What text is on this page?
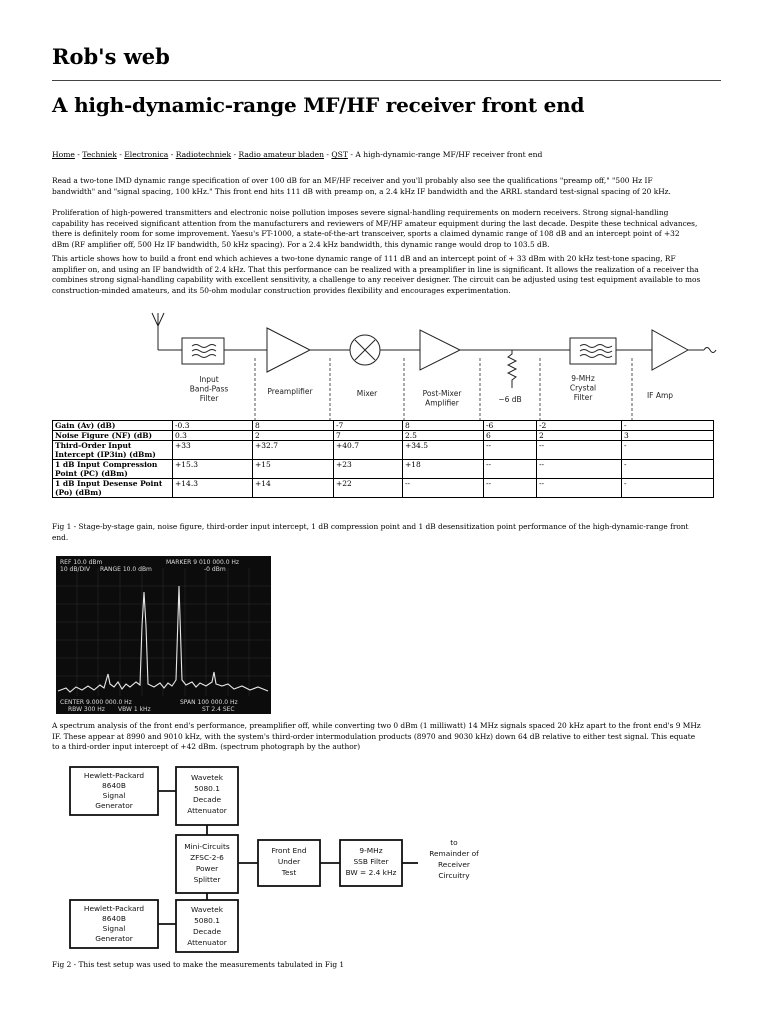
Rob's web
A high-dynamic-range MF/HF receiver front end
Home - Techniek - Electronica - Radiotechniek - Radio amateur bladen - QST - A high-dynamic-range MF/HF receiver front end

Read a two-tone IMD dynamic range specification of over 100 dB for an MF/HF receiver and you'll probably also see the qualifications "preamp off," "500 Hz IF
bandwidth" and "signal spacing, 100 kHz." This front end hits 111 dB with preamp on, a 2.4 kHz IF bandwidth and the ARRL standard test-signal spacing of 20 kHz.

Proliferation of high-powered transmitters and electronic noise pollution imposes severe signal-handling requirements on modern receivers. Strong signal-handling
capability has received significant attention from the manufacturers and reviewers of MF/HF amateur equipment during the last decade. Despite these technical advances,
there is definitely room for some improvement. Yaesu's FT-1000, a state-of-the-art transceiver, sports a claimed dynamic range of 108 dB and an intercept point of +32
dBm (RF amplifier off, 500 Hz IF bandwidth, 50 kHz spacing). For a 2.4 kHz bandwidth, this dynamic range would drop to 103.5 dB.

This article shows how to build a front end which achieves a two-tone dynamic range of 111 dB and an intercept point of + 33 dBm with 20 kHz test-tone spacing, RF
amplifier on, and using an IF bandwidth of 2.4 kHz. That this performance can be realized with a preamplifier in line is significant. It allows the realization of a receiver tha
combines strong signal-handling capability with excellent sensitivity, a challenge to any receiver designer. The circuit can be adjusted using test equipment available to mos
construction-minded amateurs, and its 50-ohm modular construction provides flexibility and encourages experimentation.

Input Band-Pass Filter
Preamplifier	Mixer	Post-Mixer Amplifier	−6 dB
9-MHz Crystal Filter	IF Amp
Gain (Av) (dB)	-0.3	8	-7	8	-6	-2	-
Noise Figure (NF) (dB)	0.3	2	7	2.5	6	2	3
Third-Order Input Intercept (IP3in) (dBm)	+33	+32.7	+40.7	+34.5	--	--	-
1 dB Input Compression Point (PC) (dBm)	+15.3	+15	+23	+18	--	--	-
1 dB Input Desense Point (Po) (dBm)	+14.3	+14	+22	--	--	--	-

Fig 1 - Stage-by-stage gain, noise figure, third-order input intercept, 1 dB compression point and 1 dB desensitization point performance of the high-dynamic-range front
end.

REF 10.0 dBm
10 dB/DIV RANGE 10.0 dBm
MARKER 9 010 000.0 Hz
-0 dBm
CENTER 9.000 000.0 Hz
RBW 300 Hz VBW 1 kHz
SPAN 100 000.0 Hz
ST 2.4 SEC

A spectrum analysis of the front end's performance, preamplifier off, while converting two 0 dBm (1 milliwatt) 14 MHz signals spaced 20 kHz apart to the front end's 9 MHz
IF. These appear at 8990 and 9010 kHz, with the system's third-order intermodulation products (8970 and 9030 kHz) down 64 dB relative to either test signal. This equate
to a third-order input intercept of +42 dBm. (spectrum photograph by the author)

Hewlett-Packard
8640B
Signal
Generator
Wavetek
5080.1
Decade
Attenuator
Mini-Circuits
ZFSC-2-6
Power
Splitter
Front End
Under
Test
9-MHz
SSB Filter
BW = 2.4 kHz
to
Remainder of
Receiver
Circuitry
Hewlett-Packard
8640B
Signal
Generator
Wavetek
5080.1
Decade
Attenuator

Fig 2 - This test setup was used to make the measurements tabulated in Fig 1
